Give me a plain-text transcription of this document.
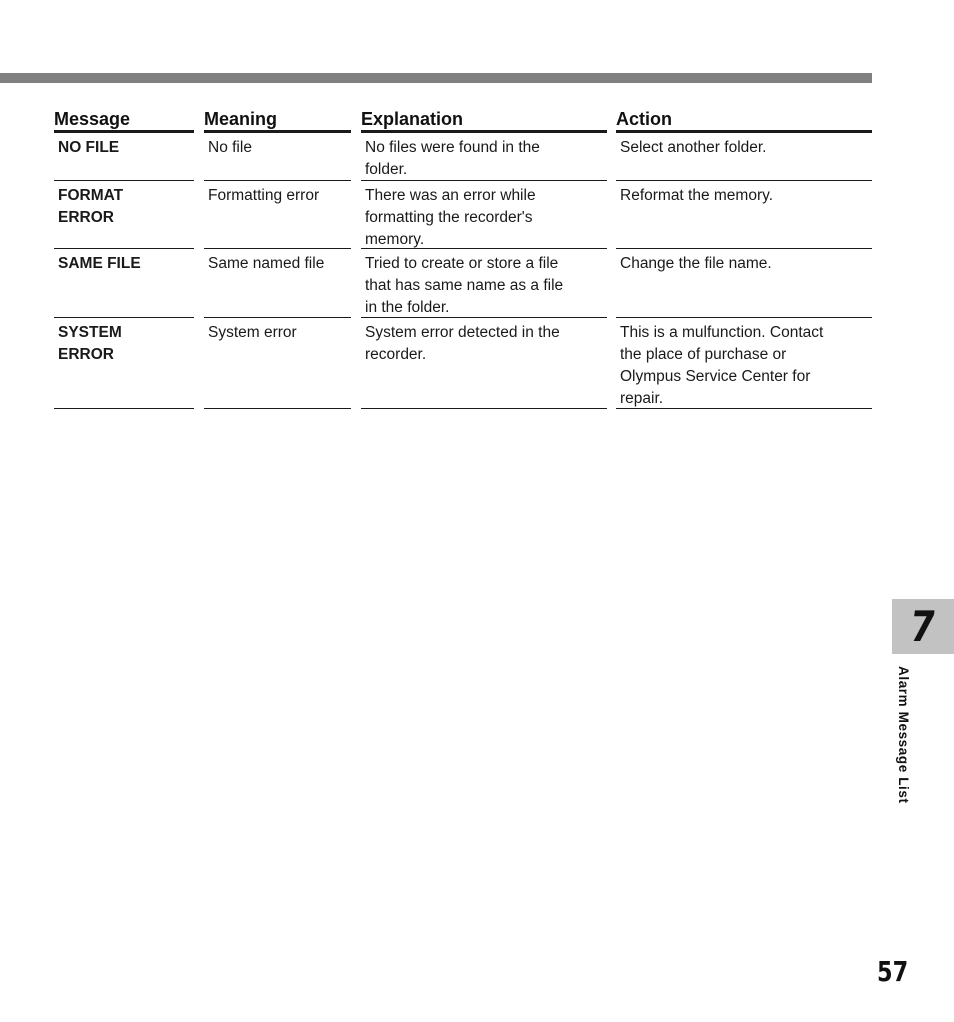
Message
NO FILE
FORMAT
ERROR
SAME FILE
SYSTEM
ERROR
Meaning
No file
Formatting error
Same named file
System error
Explanation
No files were found in the
folder.
There was an error while
formatting the recorder's
memory.
Tried to create or store a file
that has same name as a file
in the folder.
System error detected in the
recorder.
Action
Select another folder.
Reformat the memory.
Change the file name.
This is a mulfunction. Contact
the place of purchase or
Olympus Service Center for
repair.
7
Alarm Message List
57
